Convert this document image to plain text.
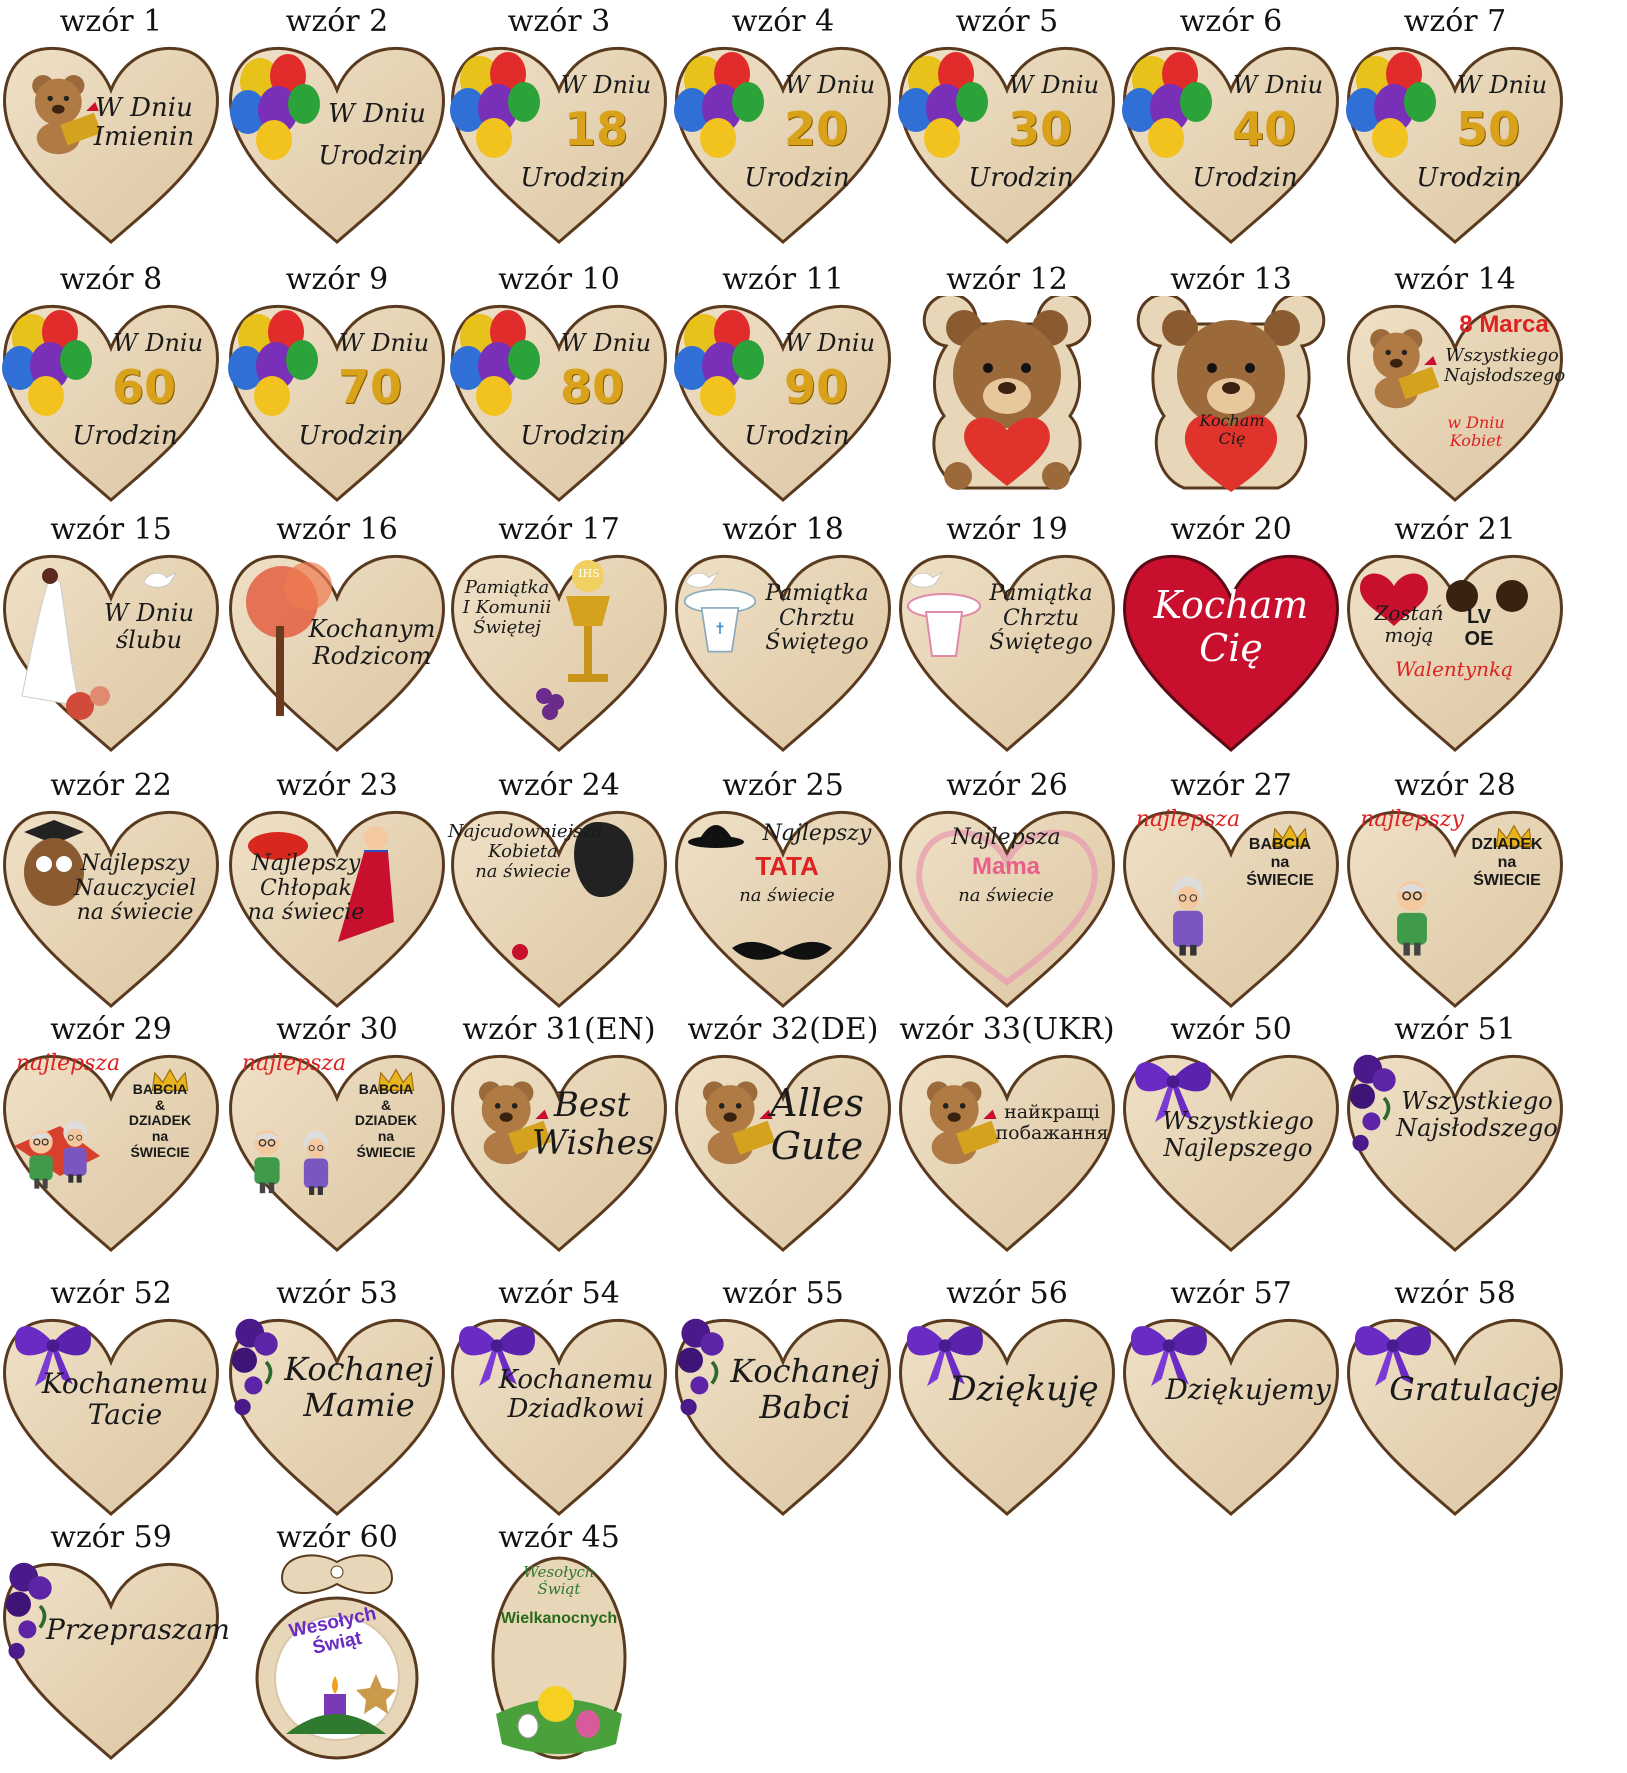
wzór 1
W Dniu
Imienin
wzór 2
W Dniu
Urodzin
wzór 3
W Dniu
18
Urodzin
wzór 4
W Dniu
20
Urodzin
wzór 5
W Dniu
30
Urodzin
wzór 6
W Dniu
40
Urodzin
wzór 7
W Dniu
50
Urodzin
wzór 8
W Dniu
60
Urodzin
wzór 9
W Dniu
70
Urodzin
wzór 10
W Dniu
80
Urodzin
wzór 11
W Dniu
90
Urodzin
wzór 12	wzór 13
Kocham
Cię
wzór 14
8 Marca
Wszystkiego
Najsłodszego
w Dniu
Kobiet
wzór 15
W Dniu
ślubu
wzór 16
Kochanym
Rodzicom
wzór 17
IHS
Pamiątka
I Komunii
Świętej
wzór 18
Pamiątka
Chrztu
Świętego
wzór 19
Pamiątka
Chrztu
Świętego
wzór 20
Kocham
Cię
wzór 21
Zostań
moją
LV
OE
Walentynką
wzór 22
Najlepszy
Nauczyciel
na świecie
wzór 23
Najlepszy
Chłopak
na świecie
wzór 24
Najcudowniejsza
Kobieta
na świecie
wzór 25
Najlepszy
TATA
na świecie
wzór 26
Najlepsza
Mama
na świecie
wzór 27
najlepsza
BABCIA
na
ŚWIECIE
wzór 28
najlepszy
DZIADEK
na
ŚWIECIE
wzór 29
najlepsza
BABCIA
&
DZIADEK
na
ŚWIECIE
wzór 30
najlepsza
BABCIA
&
DZIADEK
na
ŚWIECIE
wzór 31(EN)
Best
Wishes
wzór 32(DE)
Alles
Gute
wzór 33(UKR)
найкращі
побажання
wzór 50
Wszystkiego
Najlepszego
wzór 51
Wszystkiego
Najsłodszego
wzór 52
Kochanemu
Tacie
wzór 53
Kochanej
Mamie
wzór 54
Kochanemu
Dziadkowi
wzór 55
Kochanej
Babci
wzór 56
Dziękuję
wzór 57
Dziękujemy
wzór 58
Gratulacje
wzór 59
Przepraszam
wzór 60
Wesołych
Świąt
wzór 45
Wesołych
Świąt
Wielkanocnych
